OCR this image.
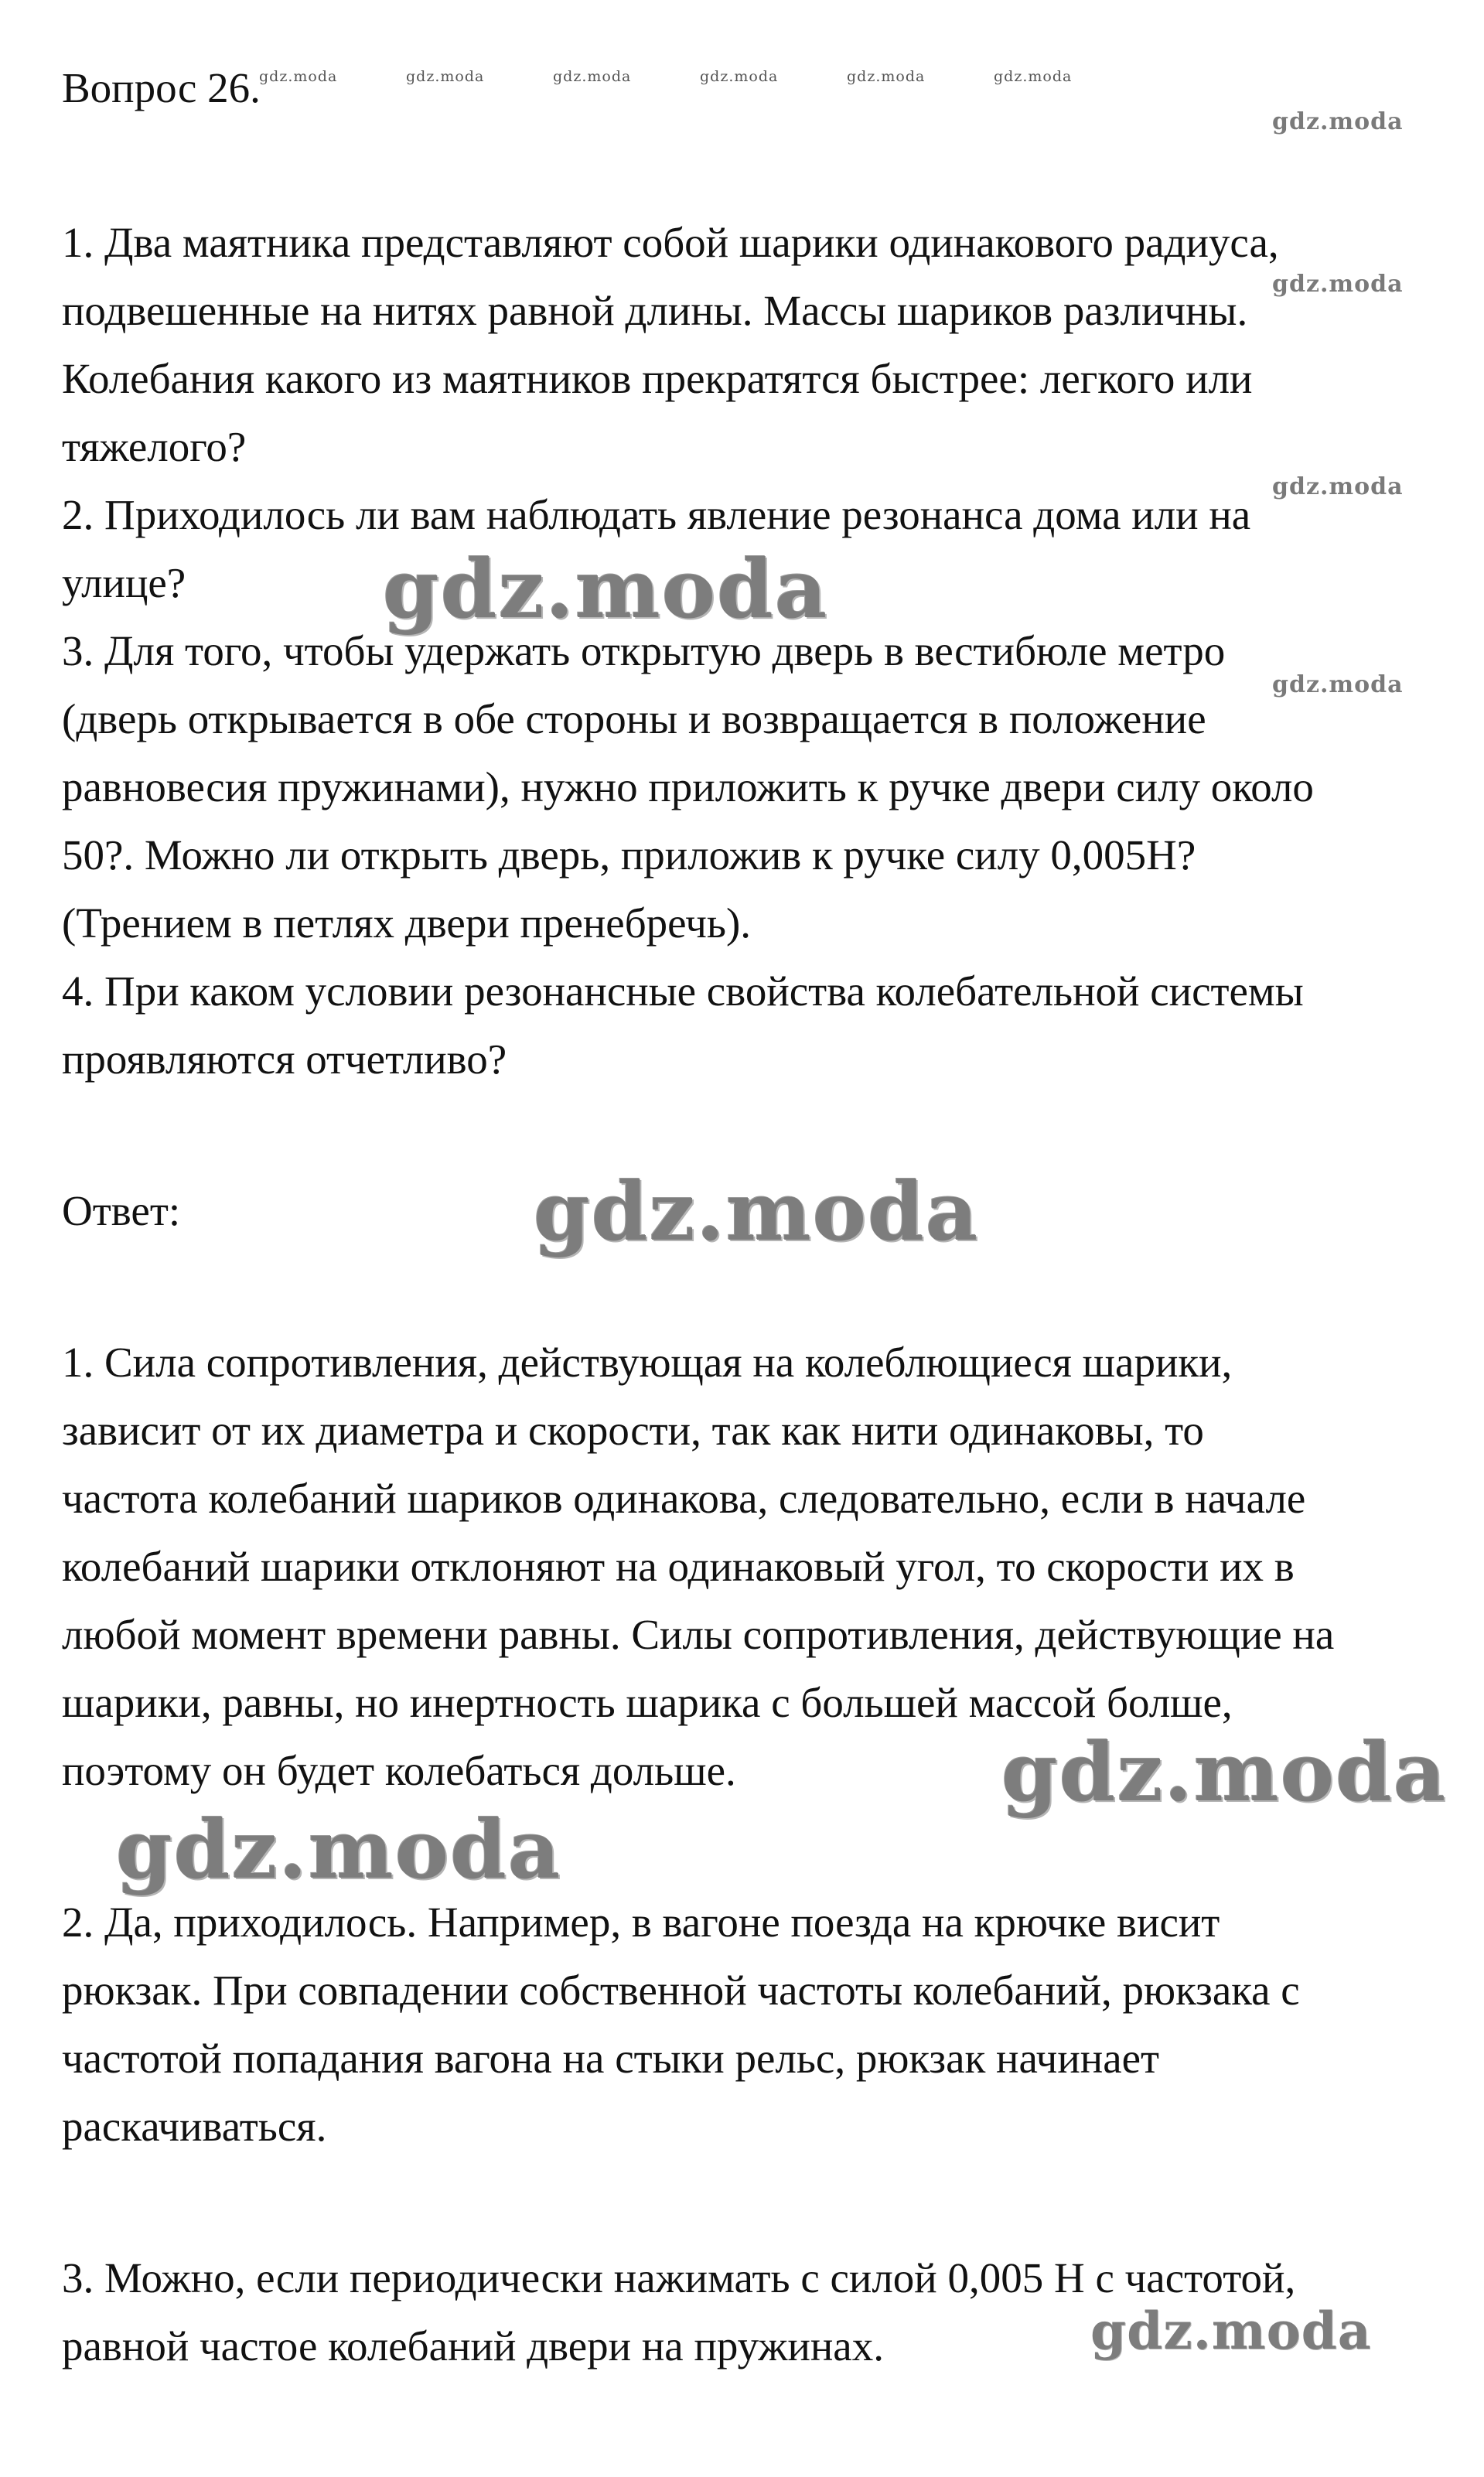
Вопрос 26.

1. Два маятника представляют собой шарики одинакового радиуса,

подвешенные на нитях равной длины. Массы шариков различны.

Колебания какого из маятников прекратятся быстрее: легкого или

тяжелого?

2. Приходилось ли вам наблюдать явление резонанса дома или на

улице?

3. Для того, чтобы удержать открытую дверь в вестибюле метро

(дверь открывается в обе стороны и возвращается в положение

равновесия пружинами), нужно приложить к ручке двери силу около

50?. Можно ли открыть дверь, приложив к ручке силу 0,005Н?

(Трением в петлях двери пренебречь).

4. При каком условии резонансные свойства колебательной системы

проявляются отчетливо?

Ответ:

1. Сила сопротивления, действующая на колеблющиеся шарики,

зависит от их диаметра и скорости, так как нити одинаковы, то

частота колебаний шариков одинакова, следовательно, если в начале

колебаний шарики отклоняют на одинаковый угол, то скорости их в

любой момент времени равны. Силы сопротивления, действующие на

шарики, равны, но инертность шарика с большей массой болше,

поэтому он будет колебаться дольше.

2. Да, приходилось. Например, в вагоне поезда на крючке висит

рюкзак. При совпадении собственной частоты колебаний, рюкзака с

частотой попадания вагона на стыки рельс, рюкзак начинает

раскачиваться.

3. Можно, если периодически нажимать с силой 0,005 Н с частотой,

равной частое колебаний двери на пружинах.

gdz.moda	gdz.moda	gdz.moda	gdz.moda	gdz.moda	gdz.moda
gdz.moda
gdz.moda
gdz.moda
gdz.moda
gdz.moda
gdz.moda
gdz.moda
gdz.moda
gdz.moda
